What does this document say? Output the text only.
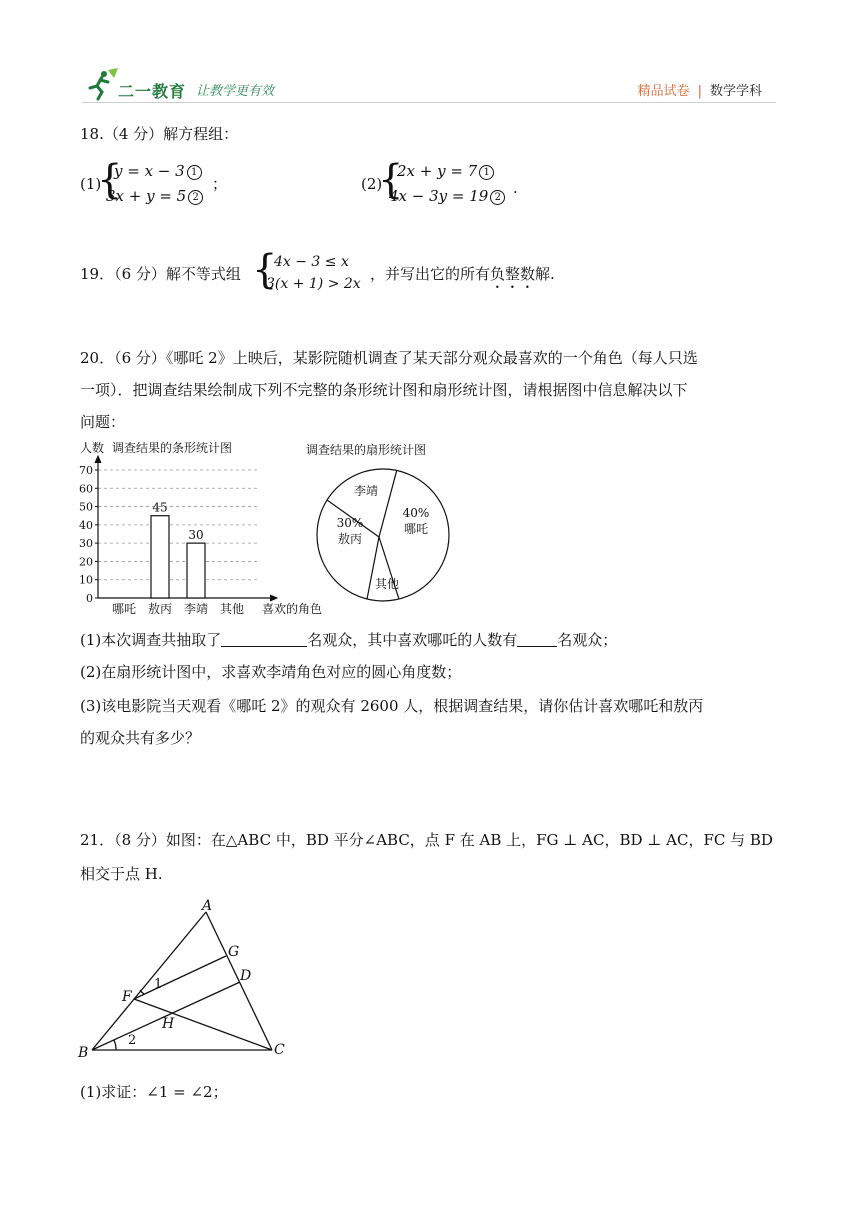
二一教育 让教学更有效	精品试卷 | 数学学科
18.（4 分）解方程组：
(1)
{
y = x − 3 1
3x + y = 5 2
；	(2)
{
2x + y = 7 1
4x − 3y = 19 2
.
19．（6 分）解不等式组 {
4x − 3 ≤ x
3(x + 1) > 2x
，并写出它的所有负整数解.
20．（6 分）《哪吒 2》上映后，某影院随机调查了某天部分观众最喜欢的一个角色（每人只选
一项）．把调查结果绘制成下列不完整的条形统计图和扇形统计图，请根据图中信息解决以下
问题：
人数 调查结果的条形统计图
0
10
20
30
40
50
60
70
哪吒 敖丙
45
李靖
30
其他 喜欢的角色
调查结果的扇形统计图
40%
哪吒
30%
敖丙
李靖
其他
(1)本次调查共抽取了	名观众，其中喜欢哪吒的人数有	名观众；
(2)在扇形统计图中，求喜欢李靖角色对应的圆心角度数；
(3)该电影院当天观看《哪吒 2》的观众有 2600 人，根据调查结果，请你估计喜欢哪吒和敖丙
的观众共有多少？
21．（8 分）如图：在△ABC 中，BD 平分∠ABC，点 F 在 AB 上，FG ⊥ AC，BD ⊥ AC，FC 与 BD
相交于点 H.
A
G
D
F
H
B	C
1
2
(1)求证：∠1 = ∠2；
